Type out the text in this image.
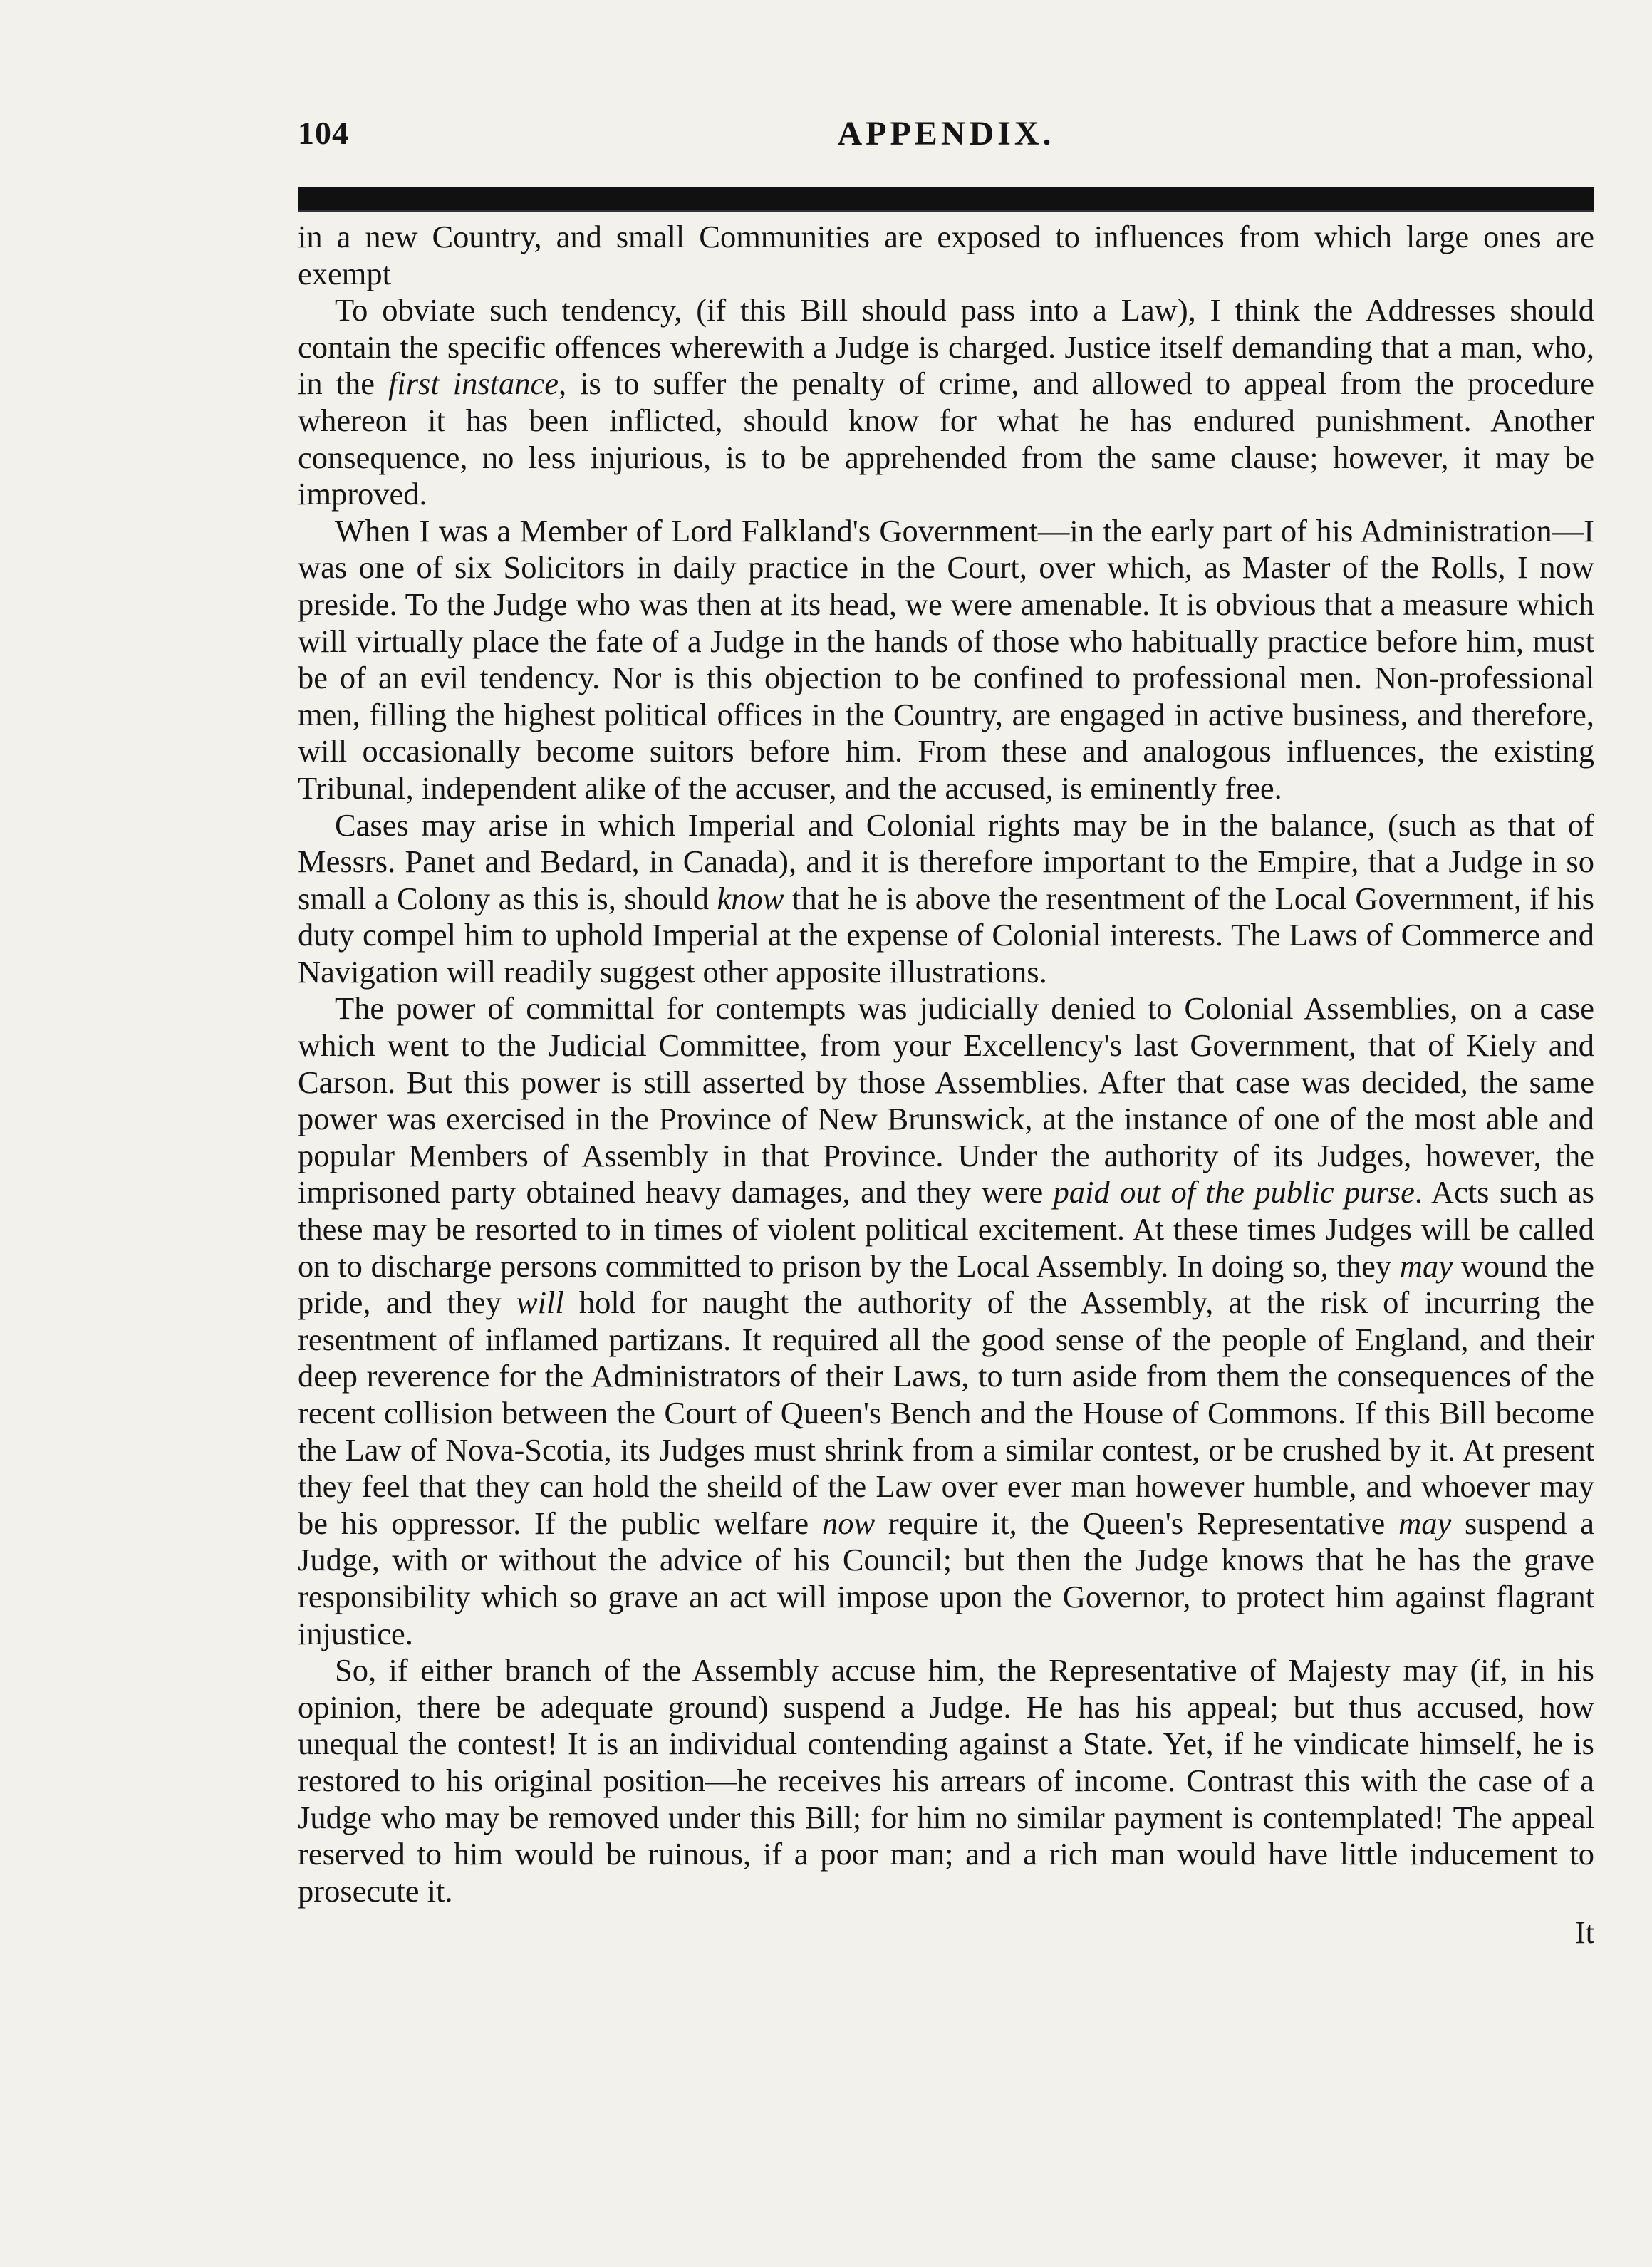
104	APPENDIX.

in a new Country, and small Communities are exposed to influences from which large ones are exempt

To obviate such tendency, (if this Bill should pass into a Law), I think the Addresses should contain the specific offences wherewith a Judge is charged. Justice itself demanding that a man, who, in the first instance, is to suffer the penalty of crime, and allowed to appeal from the procedure whereon it has been inflicted, should know for what he has endured punishment. Another consequence, no less injurious, is to be apprehended from the same clause; however, it may be improved.

When I was a Member of Lord Falkland's Government—in the early part of his Administration—I was one of six Solicitors in daily practice in the Court, over which, as Master of the Rolls, I now preside. To the Judge who was then at its head, we were amenable. It is obvious that a measure which will virtually place the fate of a Judge in the hands of those who habitually practice before him, must be of an evil tendency. Nor is this objection to be confined to professional men. Non-professional men, filling the highest political offices in the Country, are engaged in active business, and therefore, will occasionally become suitors before him. From these and analogous influences, the existing Tribunal, independent alike of the accuser, and the accused, is eminently free.

Cases may arise in which Imperial and Colonial rights may be in the balance, (such as that of Messrs. Panet and Bedard, in Canada), and it is therefore important to the Empire, that a Judge in so small a Colony as this is, should know that he is above the resentment of the Local Government, if his duty compel him to uphold Imperial at the expense of Colonial interests. The Laws of Commerce and Navigation will readily suggest other apposite illustrations.

The power of committal for contempts was judicially denied to Colonial Assemblies, on a case which went to the Judicial Committee, from your Excellency's last Government, that of Kiely and Carson. But this power is still asserted by those Assemblies. After that case was decided, the same power was exercised in the Province of New Brunswick, at the instance of one of the most able and popular Members of Assembly in that Province. Under the authority of its Judges, however, the imprisoned party obtained heavy damages, and they were paid out of the public purse. Acts such as these may be resorted to in times of violent political excitement. At these times Judges will be called on to discharge persons committed to prison by the Local Assembly. In doing so, they may wound the pride, and they will hold for naught the authority of the Assembly, at the risk of incurring the resentment of inflamed partizans. It required all the good sense of the people of England, and their deep reverence for the Administrators of their Laws, to turn aside from them the consequences of the recent collision between the Court of Queen's Bench and the House of Commons. If this Bill become the Law of Nova-Scotia, its Judges must shrink from a similar contest, or be crushed by it. At present they feel that they can hold the sheild of the Law over ever man however humble, and whoever may be his oppressor. If the public welfare now require it, the Queen's Representative may suspend a Judge, with or without the advice of his Council; but then the Judge knows that he has the grave responsibility which so grave an act will impose upon the Governor, to protect him against flagrant injustice.

So, if either branch of the Assembly accuse him, the Representative of Majesty may (if, in his opinion, there be adequate ground) suspend a Judge. He has his appeal; but thus accused, how unequal the contest! It is an individual contending against a State. Yet, if he vindicate himself, he is restored to his original position—he receives his arrears of income. Contrast this with the case of a Judge who may be removed under this Bill; for him no similar payment is contemplated! The appeal reserved to him would be ruinous, if a poor man; and a rich man would have little inducement to prosecute it.

It
